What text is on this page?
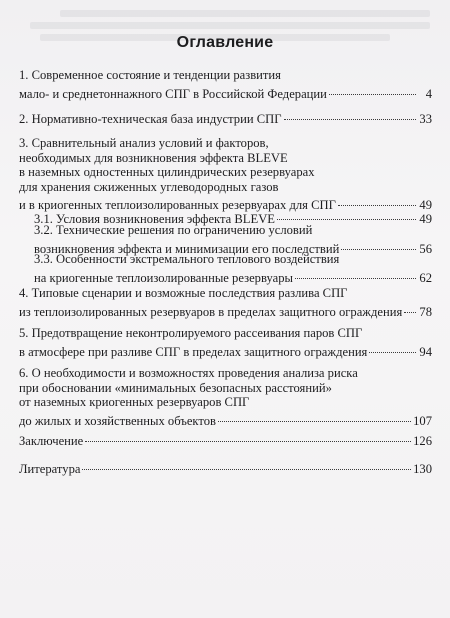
Оглавление
1. Современное состояние и тенденции развития
мало- и среднетоннажного СПГ в Российской Федерации	4
2. Нормативно-техническая база индустрии СПГ	33
3. Сравнительный анализ условий и факторов,
необходимых для возникновения эффекта BLEVE
в наземных одностенных цилиндрических резервуарах
для хранения сжиженных углеводородных газов
и в криогенных теплоизолированных резервуарах для СПГ	49
3.1. Условия возникновения эффекта BLEVE	49
3.2. Технические решения по ограничению условий
возникновения эффекта и минимизации его последствий	56
3.3. Особенности экстремального теплового воздействия
на криогенные теплоизолированные резервуары	62
4. Типовые сценарии и возможные последствия разлива СПГ
из теплоизолированных резервуаров в пределах защитного ограждения 78
5. Предотвращение неконтролируемого рассеивания паров СПГ
в атмосфере при разливе СПГ в пределах защитного ограждения	94
6. О необходимости и возможностях проведения анализа риска
при обосновании «минимальных безопасных расстояний»
от наземных криогенных резервуаров СПГ
до жилых и хозяйственных объектов	107
Заключение	126
Литература	130
